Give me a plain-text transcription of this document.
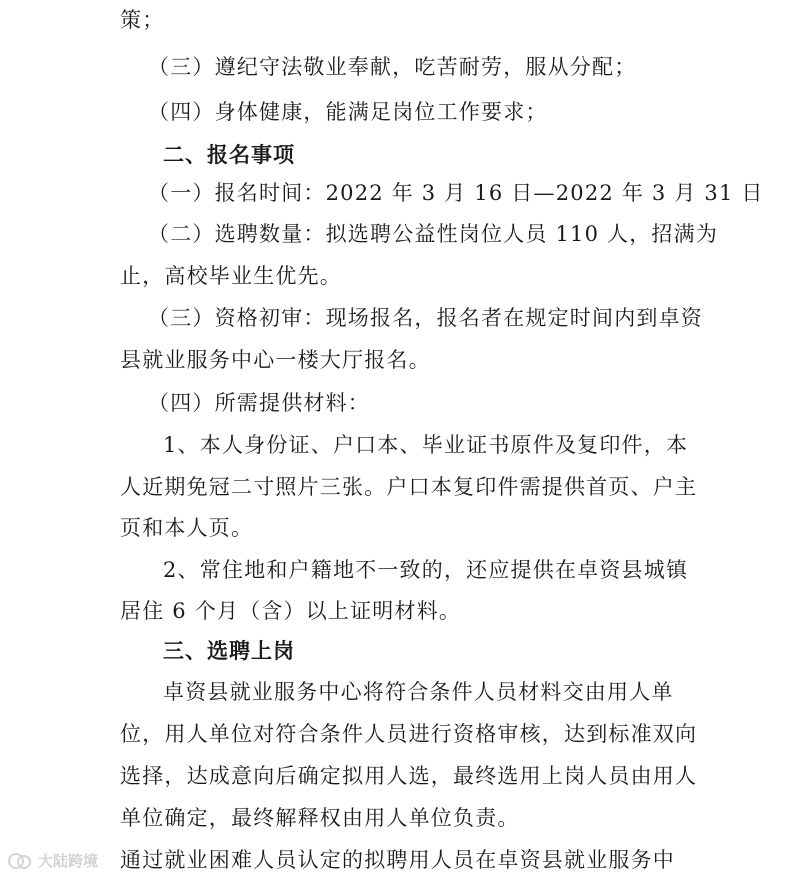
策；
（三）遵纪守法敬业奉献，吃苦耐劳，服从分配；
（四）身体健康，能满足岗位工作要求；
二、报名事项
（一）报名时间：2022 年 3 月 16 日—2022 年 3 月 31 日
（二）选聘数量：拟选聘公益性岗位人员 110 人，招满为
止，高校毕业生优先。
（三）资格初审：现场报名，报名者在规定时间内到卓资
县就业服务中心一楼大厅报名。
（四）所需提供材料：
1、本人身份证、户口本、毕业证书原件及复印件，本
人近期免冠二寸照片三张。户口本复印件需提供首页、户主
页和本人页。
2、常住地和户籍地不一致的，还应提供在卓资县城镇
居住 6 个月（含）以上证明材料。
三、选聘上岗
卓资县就业服务中心将符合条件人员材料交由用人单
位，用人单位对符合条件人员进行资格审核，达到标准双向
选择，达成意向后确定拟用人选，最终选用上岗人员由用人
单位确定，最终解释权由用人单位负责。
通过就业困难人员认定的拟聘用人员在卓资县就业服务中
大陆跨境
